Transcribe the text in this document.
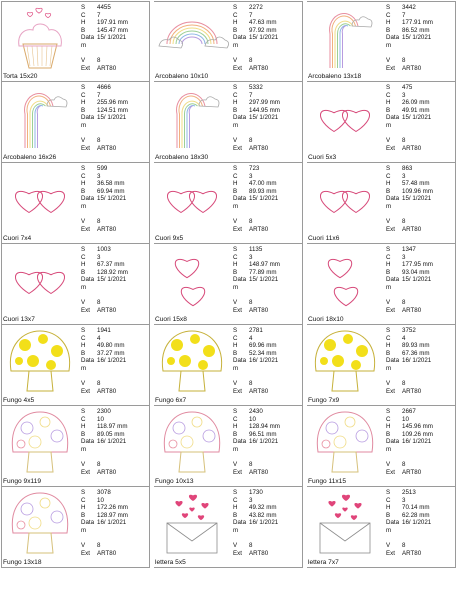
Torta 15x20
S 4455
C 7
H 197.91 mm
B 145.47 mm
Data 15/ 1/2021
m
V 8
Ext ART80
Arcobaleno 10x10
S 2272
C 7
H 47.63 mm
B 97.92 mm
Data 15/ 1/2021
m
V 8
Ext ART80
Arcobaleno 13x18
S 3442
C 7
H 177.91 mm
B 86.52 mm
Data 15/ 1/2021
m
V 8
Ext ART80
Arcobaleno 16x26
S 4666
C 7
H 255.96 mm
B 124.51 mm
Data 15/ 1/2021
m
V 8
Ext ART80
Arcobaleno 18x30
S 5332
C 7
H 297.99 mm
B 144.95 mm
Data 15/ 1/2021
m
V 8
Ext ART80
Cuori 5x3
S 475
C 3
H 26.09 mm
B 49.91 mm
Data 15/ 1/2021
m
V 8
Ext ART80
Cuori 7x4
S 599
C 3
H 36.58 mm
B 69.94 mm
Data 15/ 1/2021
m
V 8
Ext ART80
Cuori 9x5
S 723
C 3
H 47.00 mm
B 89.93 mm
Data 15/ 1/2021
m
V 8
Ext ART80
Cuori 11x6
S 863
C 3
H 57.48 mm
B 109.96 mm
Data 15/ 1/2021
m
V 8
Ext ART80
Cuori 13x7
S 1003
C 3
H 67.37 mm
B 128.92 mm
Data 15/ 1/2021
m
V 8
Ext ART80
Cuori 15x8
S 1135
C 3
H 148.97 mm
B 77.89 mm
Data 15/ 1/2021
m
V 8
Ext ART80
Cuori 18x10
S 1347
C 3
H 177.95 mm
B 93.04 mm
Data 15/ 1/2021
m
V 8
Ext ART80
Fungo 4x5
S 1941
C 4
H 49.80 mm
B 37.27 mm
Data 16/ 1/2021
m
V 8
Ext ART80
Fungo 6x7
S 2781
C 4
H 69.96 mm
B 52.34 mm
Data 16/ 1/2021
m
V 8
Ext ART80
Fungo 7x9
S 3752
C 4
H 89.93 mm
B 67.36 mm
Data 16/ 1/2021
m
V 8
Ext ART80
Fungo 9x119
S 2300
C 10
H 118.97 mm
B 89.05 mm
Data 16/ 1/2021
m
V 8
Ext ART80
Fungo 10x13
S 2430
C 10
H 128.94 mm
B 96.51 mm
Data 16/ 1/2021
m
V 8
Ext ART80
Fungo 11x15
S 2667
C 10
H 145.96 mm
B 109.26 mm
Data 16/ 1/2021
m
V 8
Ext ART80
Fungo 13x18
S 3078
C 10
H 172.26 mm
B 128.97 mm
Data 16/ 1/2021
m
V 8
Ext ART80
lettera 5x5
S 1730
C 3
H 49.32 mm
B 43.82 mm
Data 16/ 1/2021
m
V 8
Ext ART80
lettera 7x7
S 2513
C 3
H 70.14 mm
B 62.28 mm
Data 16/ 1/2021
m
V 8
Ext ART80
